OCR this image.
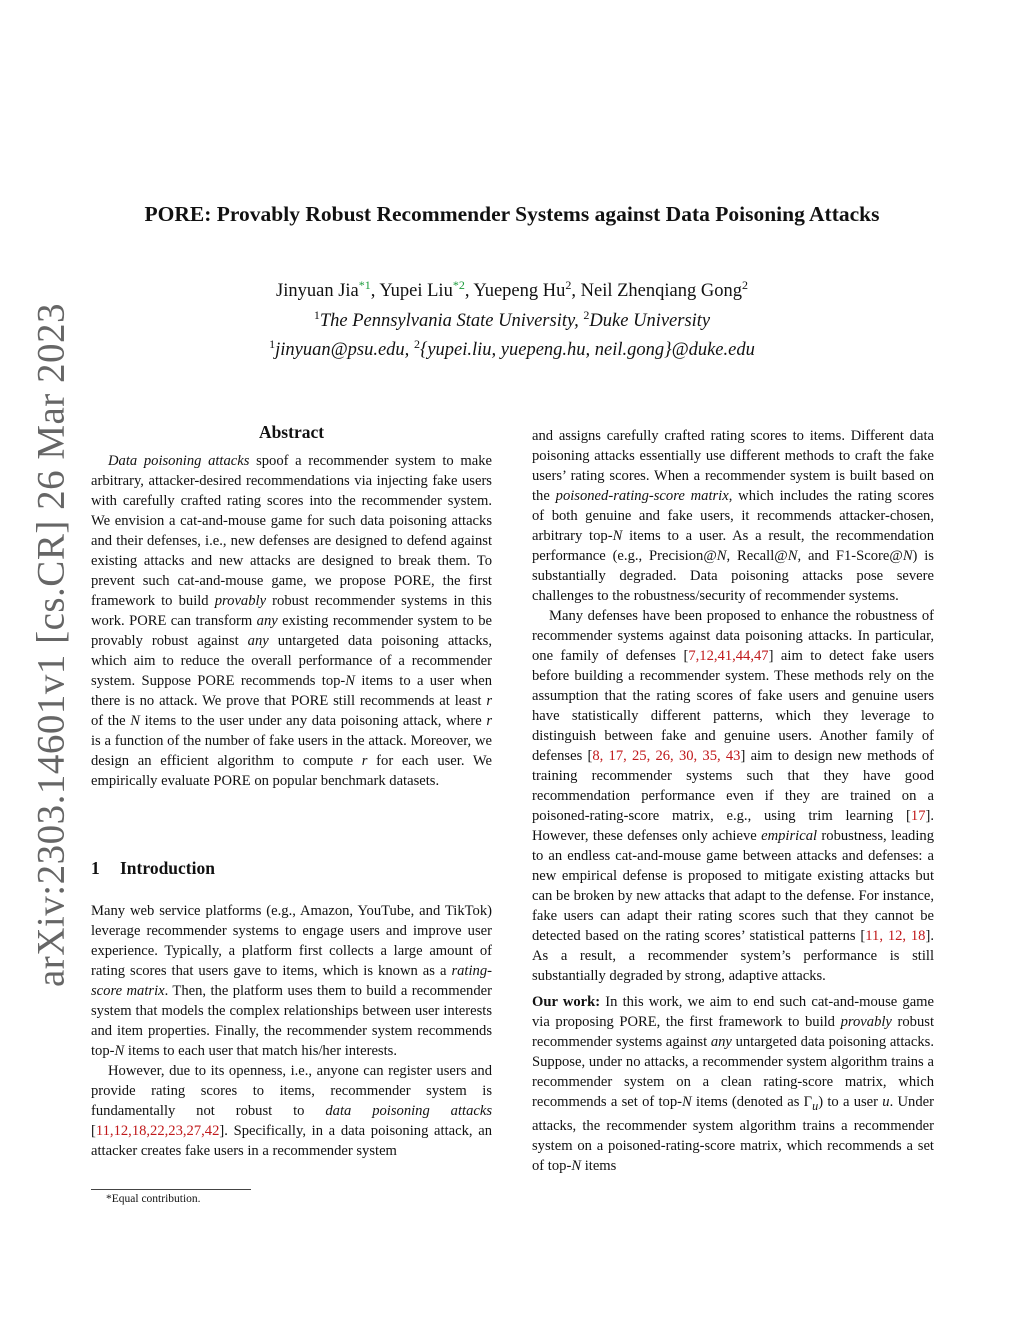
arXiv:2303.14601v1 [cs.CR] 26 Mar 2023
PORE: Provably Robust Recommender Systems against Data Poisoning Attacks
Jinyuan Jia$^{*1}$, Yupei Liu$^{*2}$, Yuepeng Hu$^2$, Neil Zhenqiang Gong$^2$
$^1$The Pennsylvania State University, $^2$Duke University
$^1$jinyuan@psu.edu, $^2${yupei.liu, yuepeng.hu, neil.gong}@duke.edu
Abstract

Data poisoning attacks spoof a recommender system to make arbitrary, attacker-desired recommendations via injecting fake users with carefully crafted rating scores into the recommender system. We envision a cat-and-mouse game for such data poisoning attacks and their defenses, i.e., new defenses are designed to defend against existing attacks and new attacks are designed to break them. To prevent such cat-and-mouse game, we propose PORE, the first framework to build provably robust recommender systems in this work. PORE can transform any existing recommender system to be provably robust against any untargeted data poisoning attacks, which aim to reduce the overall performance of a recommender system. Suppose PORE recommends top-N items to a user when there is no attack. We prove that PORE still recommends at least r of the N items to the user under any data poisoning attack, where r is a function of the number of fake users in the attack. Moreover, we design an efficient algorithm to compute r for each user. We empirically evaluate PORE on popular benchmark datasets.

1 Introduction

Many web service platforms (e.g., Amazon, YouTube, and TikTok) leverage recommender systems to engage users and improve user experience. Typically, a platform first collects a large amount of rating scores that users gave to items, which is known as a rating-score matrix. Then, the platform uses them to build a recommender system that models the complex relationships between user interests and item properties. Finally, the recommender system recommends top-N items to each user that match his/her interests.

However, due to its openness, i.e., anyone can register users and provide rating scores to items, recommender system is fundamentally not robust to data poisoning attacks [11,12,18,22,23,27,42]. Specifically, in a data poisoning attack, an attacker creates fake users in a recommender system

*Equal contribution.

and assigns carefully crafted rating scores to items. Different data poisoning attacks essentially use different methods to craft the fake users’ rating scores. When a recommender system is built based on the poisoned-rating-score matrix, which includes the rating scores of both genuine and fake users, it recommends attacker-chosen, arbitrary top-N items to a user. As a result, the recommendation performance (e.g., Precision@N, Recall@N, and F1-Score@N) is substantially degraded. Data poisoning attacks pose severe challenges to the robustness/security of recommender systems.

Many defenses have been proposed to enhance the robustness of recommender systems against data poisoning attacks. In particular, one family of defenses [7,12,41,44,47] aim to detect fake users before building a recommender system. These methods rely on the assumption that the rating scores of fake users and genuine users have statistically different patterns, which they leverage to distinguish between fake and genuine users. Another family of defenses [8, 17, 25, 26, 30, 35, 43] aim to design new methods of training recommender systems such that they have good recommendation performance even if they are trained on a poisoned-rating-score matrix, e.g., using trim learning [17]. However, these defenses only achieve empirical robustness, leading to an endless cat-and-mouse game between attacks and defenses: a new empirical defense is proposed to mitigate existing attacks but can be broken by new attacks that adapt to the defense. For instance, fake users can adapt their rating scores such that they cannot be detected based on the rating scores’ statistical patterns [11, 12, 18]. As a result, a recommender system’s performance is still substantially degraded by strong, adaptive attacks.

Our work: In this work, we aim to end such cat-and-mouse game via proposing PORE, the first framework to build provably robust recommender systems against any untargeted data poisoning attacks. Suppose, under no attacks, a recommender system algorithm trains a recommender system on a clean rating-score matrix, which recommends a set of top-N items (denoted as $\Gamma_u$) to a user u. Under attacks, the recommender system algorithm trains a recommender system on a poisoned-rating-score matrix, which recommends a set of top-N items
